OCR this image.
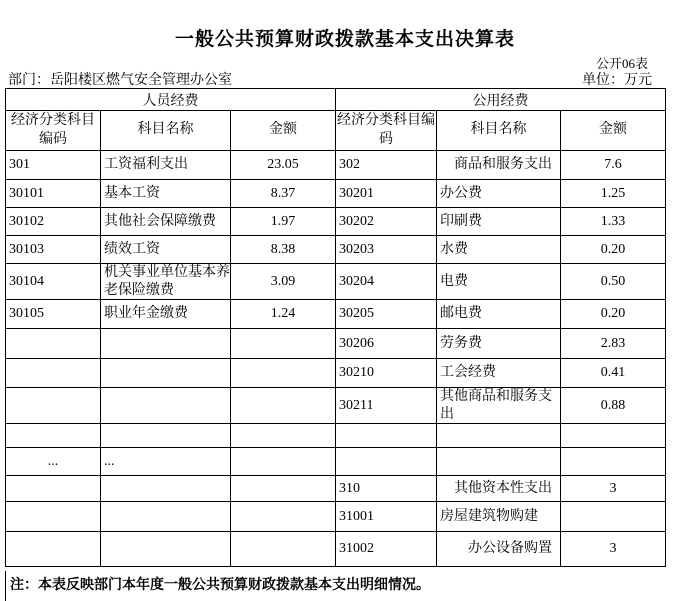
一般公共预算财政拨款基本支出决算表
公开06表
部门：岳阳楼区燃气安全管理办公室	单位：万元
人员经费			公用经费		
经济分类科目编码	科目名称	金额	经济分类科目编码	科目名称	金额
301	工资福利支出	23.05	302	　商品和服务支出	7.6
30101	基本工资	8.37	30201	办公费	1.25
30102	其他社会保障缴费	1.97	30202	印刷费	1.33
30103	绩效工资	8.38	30203	水费	0.20
30104	机关事业单位基本养老保险缴费	3.09	30204	电费	0.50
30105	职业年金缴费	1.24	30205	邮电费	0.20
			30206	劳务费	2.83
			30210	工会经费	0.41
			30211	其他商品和服务支出	0.88

...	...				
			310	　其他资本性支出	3
			31001	房屋建筑物购建	
			31002	　　办公设备购置	3
注：本表反映部门本年度一般公共预算财政拨款基本支出明细情况。
